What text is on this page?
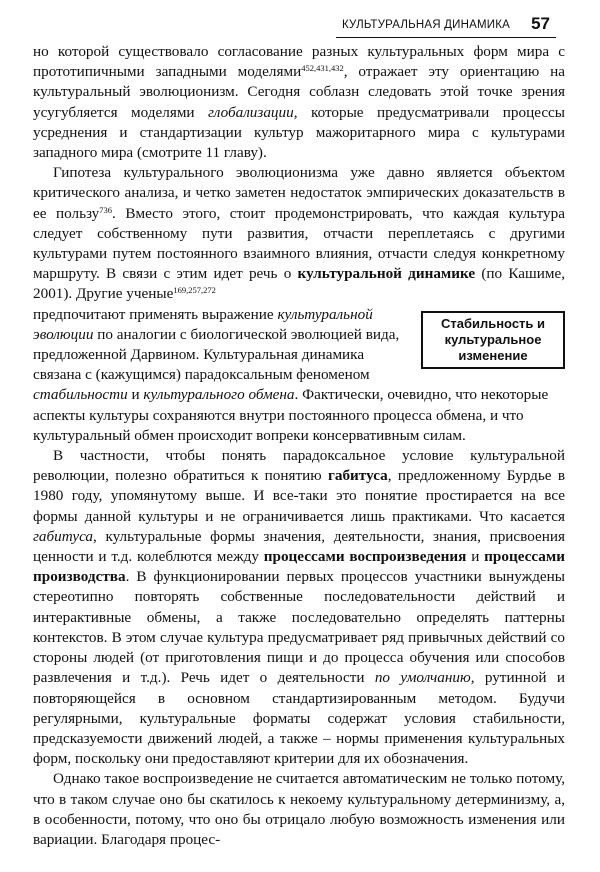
КУЛЬТУРАЛЬНАЯ ДИНАМИКА 57

но которой существовало согласование разных культуральных форм мира с прототипичными западными моделями$^{452,431,432}$, отражает эту ориентацию на культуральный эволюционизм. Сегодня соблазн следовать этой точке зрения усугубляется моделями глобализации, которые предусматривали процессы усреднения и стандартизации культур мажоритарного мира с культурами западного мира (смотрите 11 главу).

Гипотеза культурального эволюционизма уже давно является объектом критического анализа, и четко заметен недостаток эмпирических доказательств в ее пользу$^{736}$. Вместо этого, стоит продемонстрировать, что каждая культура следует собственному пути развития, отчасти переплетаясь с другими культурами путем постоянного взаимного влияния, отчасти следуя конкретному маршруту. В связи с этим идет речь о культуральной динамике (по Кашиме, 2001). Другие ученые$^{169,257,272}$

Стабильность и культуральное изменение
предпочитают применять выражение культуральной эволюции по аналогии с биологической эволюцией вида, предложенной Дарвином. Культуральная динамика связана с (кажущимся) парадоксальным феноменом стабильности и культурального обмена. Фактически, очевидно, что некоторые аспекты культуры сохраняются внутри постоянного процесса обмена, и что культуральный обмен происходит вопреки консервативным силам.

В частности, чтобы понять парадоксальное условие культуральной революции, полезно обратиться к понятию габитуса, предложенному Бурдье в 1980 году, упомянутому выше. И все-таки это понятие простирается на все формы данной культуры и не ограничивается лишь практиками. Что касается габитуса, культуральные формы значения, деятельности, знания, присвоения ценности и т.д. колеблются между процессами воспроизведения и процессами производства. В функционировании первых процессов участники вынуждены стереотипно повторять собственные последовательности действий и интерактивные обмены, а также последовательно определять паттерны контекстов. В этом случае культура предусматривает ряд привычных действий со стороны людей (от приготовления пищи и до процесса обучения или способов развлечения и т.д.). Речь идет о деятельности по умолчанию, рутинной и повторяющейся в основном стандартизированным методом. Будучи регулярными, культуральные форматы содержат условия стабильности, предсказуемости движений людей, а также – нормы применения культуральных форм, поскольку они предоставляют критерии для их обозначения.

Однако такое воспроизведение не считается автоматическим не только потому, что в таком случае оно бы скатилось к некоему культуральному детерминизму, а, в особенности, потому, что оно бы отрицало любую возможность изменения или вариации. Благодаря процес-
